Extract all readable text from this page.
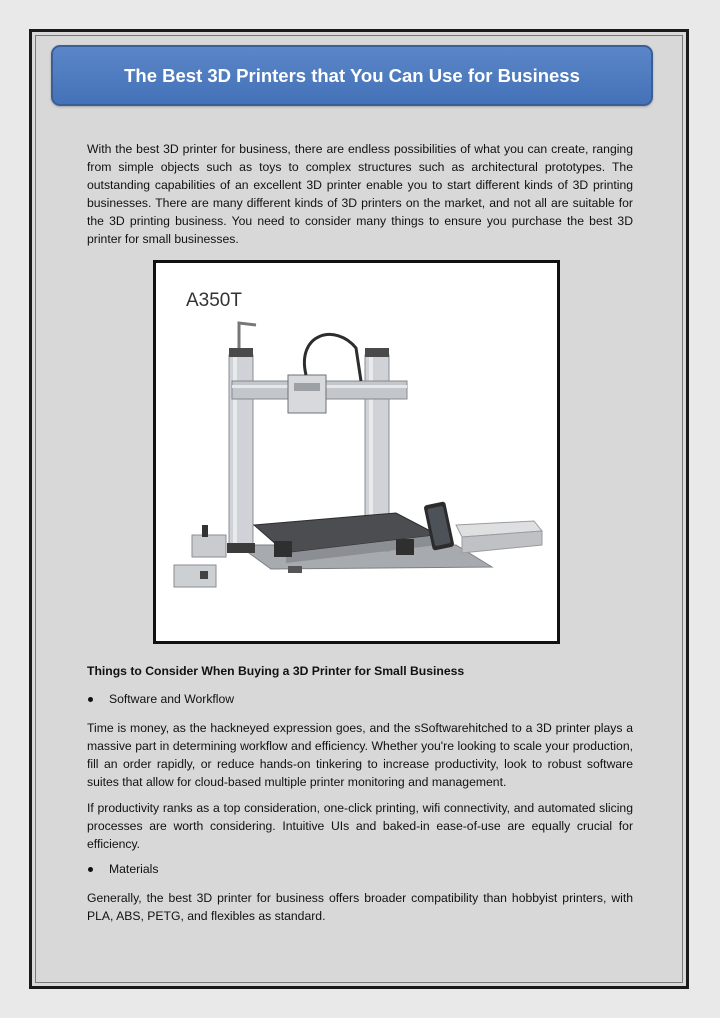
The Best 3D Printers that You Can Use for Business

With the best 3D printer for business, there are endless possibilities of what you can create, ranging from simple objects such as toys to complex structures such as architectural prototypes. The outstanding capabilities of an excellent 3D printer enable you to start different kinds of 3D printing businesses. There are many different kinds of 3D printers on the market, and not all are suitable for the 3D printing business. You need to consider many things to ensure you purchase the best 3D printer for small businesses.

A350T

Things to Consider When Buying a 3D Printer for Small Business

Software and Workflow

Time is money, as the hackneyed expression goes, and the sSoftwarehitched to a 3D printer plays a massive part in determining workflow and efficiency. Whether you're looking to scale your production, fill an order rapidly, or reduce hands-on tinkering to increase productivity, look to robust software suites that allow for cloud-based multiple printer monitoring and management.

If productivity ranks as a top consideration, one-click printing, wifi connectivity, and automated slicing processes are worth considering. Intuitive UIs and baked-in ease-of-use are equally crucial for efficiency.

Materials

Generally, the best 3D printer for business offers broader compatibility than hobbyist printers, with PLA, ABS, PETG, and flexibles as standard.
